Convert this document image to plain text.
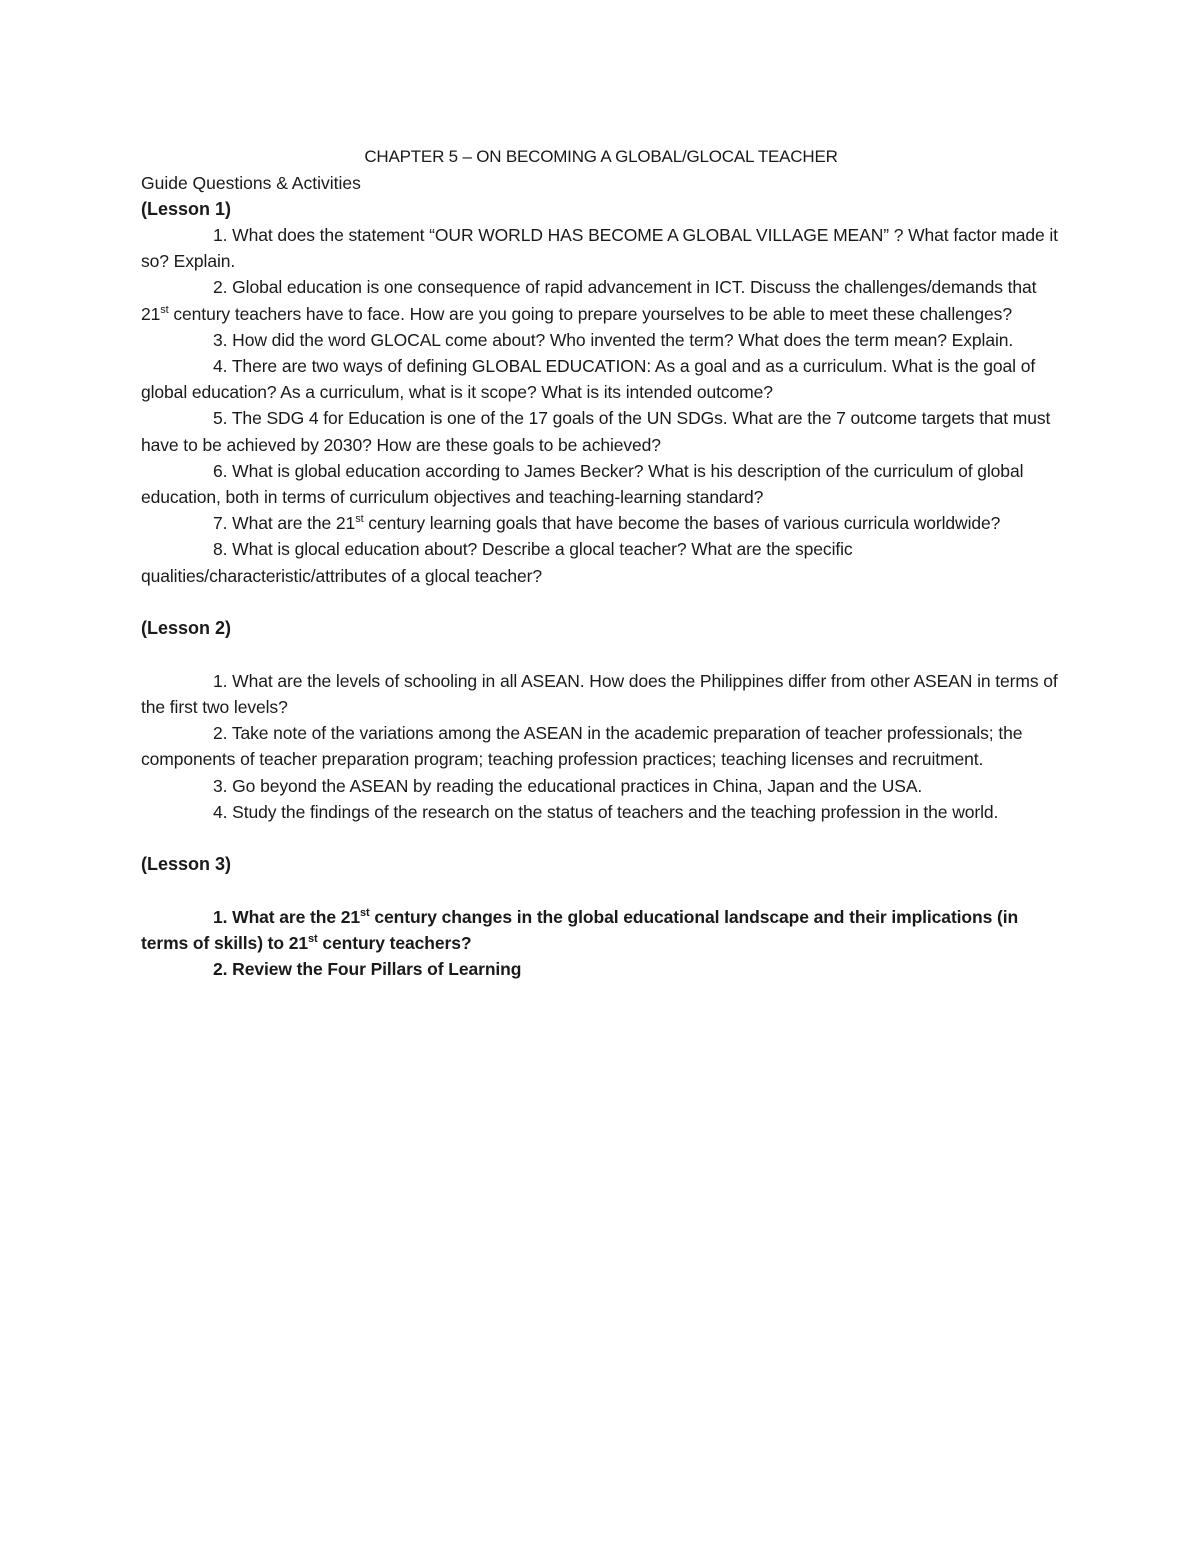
CHAPTER 5 – ON BECOMING A GLOBAL/GLOCAL TEACHER

Guide Questions & Activities

(Lesson 1)

1. What does the statement “OUR WORLD HAS BECOME A GLOBAL VILLAGE MEAN” ? What factor made it so? Explain.

2. Global education is one consequence of rapid advancement in ICT. Discuss the challenges/demands that 21st century teachers have to face. How are you going to prepare yourselves to be able to meet these challenges?

3. How did the word GLOCAL come about? Who invented the term? What does the term mean? Explain.

4. There are two ways of defining GLOBAL EDUCATION: As a goal and as a curriculum. What is the goal of global education? As a curriculum, what is it scope? What is its intended outcome?

5. The SDG 4 for Education is one of the 17 goals of the UN SDGs. What are the 7 outcome targets that must have to be achieved by 2030? How are these goals to be achieved?

6. What is global education according to James Becker? What is his description of the curriculum of global education, both in terms of curriculum objectives and teaching-learning standard?

7. What are the 21st century learning goals that have become the bases of various curricula worldwide?

8. What is glocal education about? Describe a glocal teacher? What are the specific qualities/characteristic/attributes of a glocal teacher?

(Lesson 2)

1. What are the levels of schooling in all ASEAN. How does the Philippines differ from other ASEAN in terms of the first two levels?

2. Take note of the variations among the ASEAN in the academic preparation of teacher professionals; the components of teacher preparation program; teaching profession practices; teaching licenses and recruitment.

3. Go beyond the ASEAN by reading the educational practices in China, Japan and the USA.

4. Study the findings of the research on the status of teachers and the teaching profession in the world.

(Lesson 3)

1. What are the 21st century changes in the global educational landscape and their implications (in terms of skills) to 21st century teachers?

2. Review the Four Pillars of Learning
